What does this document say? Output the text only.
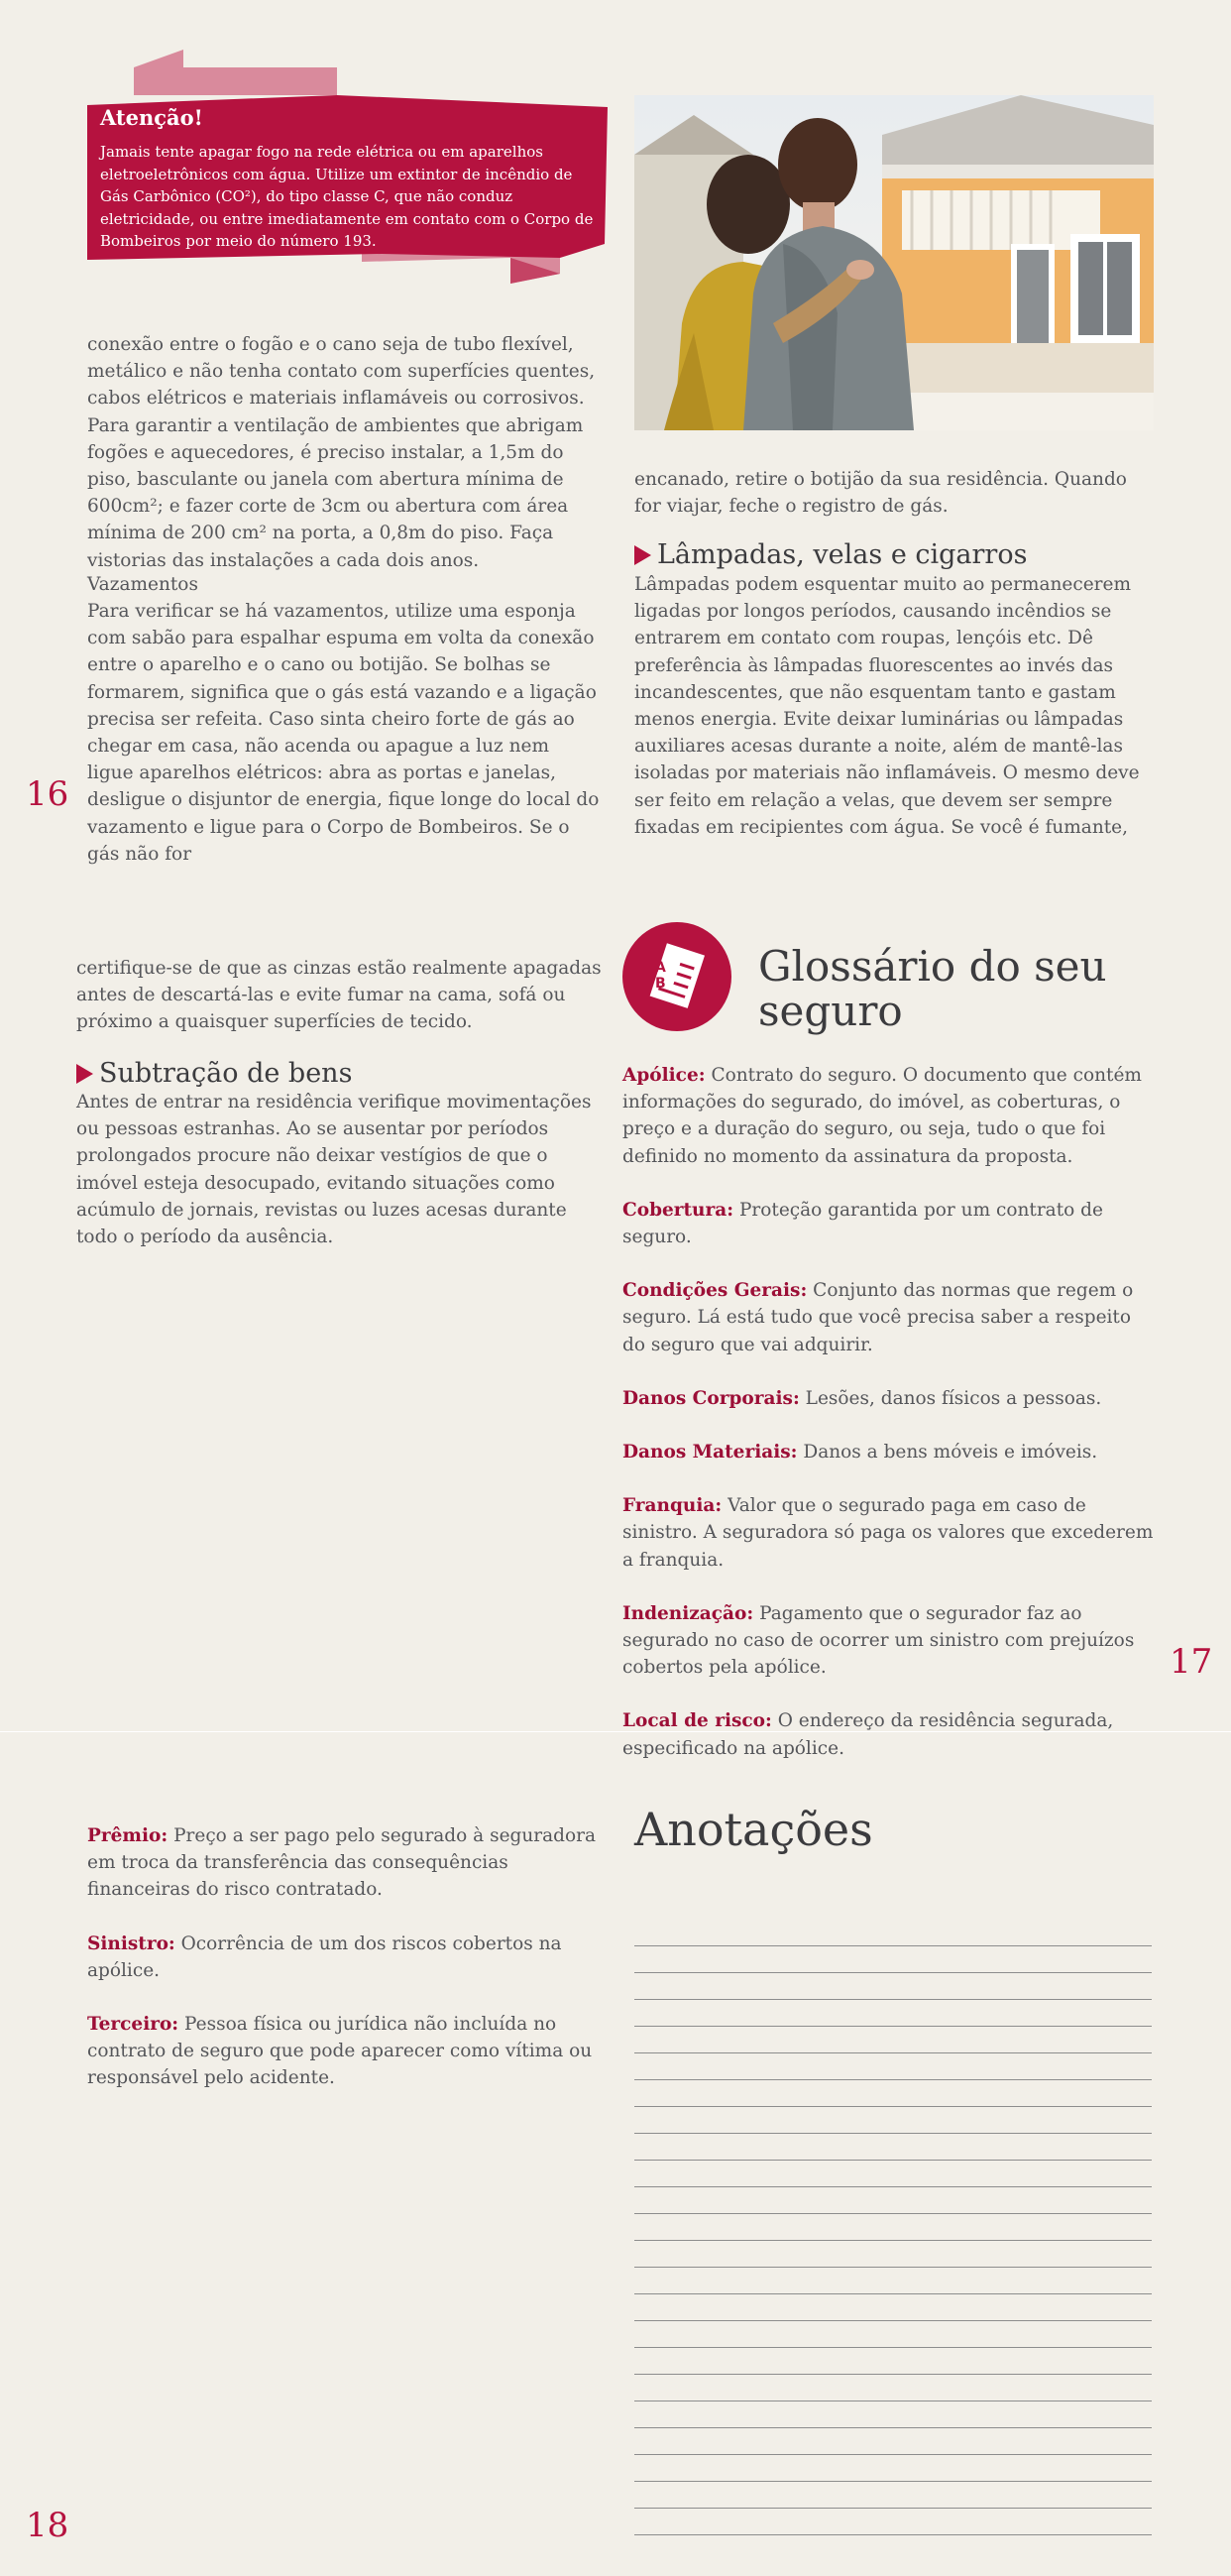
Atenção!
Jamais tente apagar fogo na rede elétrica ou em aparelhos eletroeletrônicos com água. Utilize um extintor de incêndio de Gás Carbônico (CO²), do tipo classe C, que não conduz eletricidade, ou entre imediatamente em contato com o Corpo de Bombeiros por meio do número 193.

conexão entre o fogão e o cano seja de tubo flexível, metálico e não tenha contato com superfícies quentes, cabos elétricos e materiais inflamáveis ou corrosivos. Para garantir a ventilação de ambientes que abrigam fogões e aquecedores, é preciso instalar, a 1,5m do piso, basculante ou janela com abertura mínima de 600cm²; e fazer corte de 3cm ou abertura com área mínima de 200 cm² na porta, a 0,8m do piso. Faça vistorias das instalações a cada dois anos.

Vazamentos

Para verificar se há vazamentos, utilize uma esponja com sabão para espalhar espuma em volta da conexão entre o aparelho e o cano ou botijão. Se bolhas se formarem, significa que o gás está vazando e a ligação precisa ser refeita. Caso sinta cheiro forte de gás ao chegar em casa, não acenda ou apague a luz nem ligue aparelhos elétricos: abra as portas e janelas, desligue o disjuntor de energia, fique longe do local do vazamento e ligue para o Corpo de Bombeiros. Se o gás não for

encanado, retire o botijão da sua residência. Quando for viajar, feche o registro de gás.

Lâmpadas, velas e cigarros

Lâmpadas podem esquentar muito ao permanecerem ligadas por longos períodos, causando incêndios se entrarem em contato com roupas, lençóis etc. Dê preferência às lâmpadas fluorescentes ao invés das incandescentes, que não esquentam tanto e gastam menos energia. Evite deixar luminárias ou lâmpadas auxiliares acesas durante a noite, além de mantê-las isoladas por materiais não inflamáveis. O mesmo deve ser feito em relação a velas, que devem ser sempre fixadas em recipientes com água. Se você é fumante,

16

certifique-se de que as cinzas estão realmente apagadas antes de descartá-las e evite fumar na cama, sofá ou próximo a quaisquer superfícies de tecido.

Subtração de bens

Antes de entrar na residência verifique movimentações ou pessoas estranhas. Ao se ausentar por períodos prolongados procure não deixar vestígios de que o imóvel esteja desocupado, evitando situações como acúmulo de jornais, revistas ou luzes acesas durante todo o período da ausência.

A B Glossário do seu
seguro

Apólice: Contrato do seguro. O documento que contém informações do segurado, do imóvel, as coberturas, o preço e a duração do seguro, ou seja, tudo o que foi definido no momento da assinatura da proposta.

Cobertura: Proteção garantida por um contrato de seguro.

Condições Gerais: Conjunto das normas que regem o seguro. Lá está tudo que você precisa saber a respeito do seguro que vai adquirir.

Danos Corporais: Lesões, danos físicos a pessoas.

Danos Materiais: Danos a bens móveis e imóveis.

Franquia: Valor que o segurado paga em caso de sinistro. A seguradora só paga os valores que excederem a franquia.

Indenização: Pagamento que o segurador faz ao segurado no caso de ocorrer um sinistro com prejuízos cobertos pela apólice.

Local de risco: O endereço da residência segurada, especificado na apólice.

17

Prêmio: Preço a ser pago pelo segurado à seguradora em troca da transferência das consequências financeiras do risco contratado.

Sinistro: Ocorrência de um dos riscos cobertos na apólice.

Terceiro: Pessoa física ou jurídica não incluída no contrato de seguro que pode aparecer como vítima ou responsável pelo acidente.

Anotações
18
